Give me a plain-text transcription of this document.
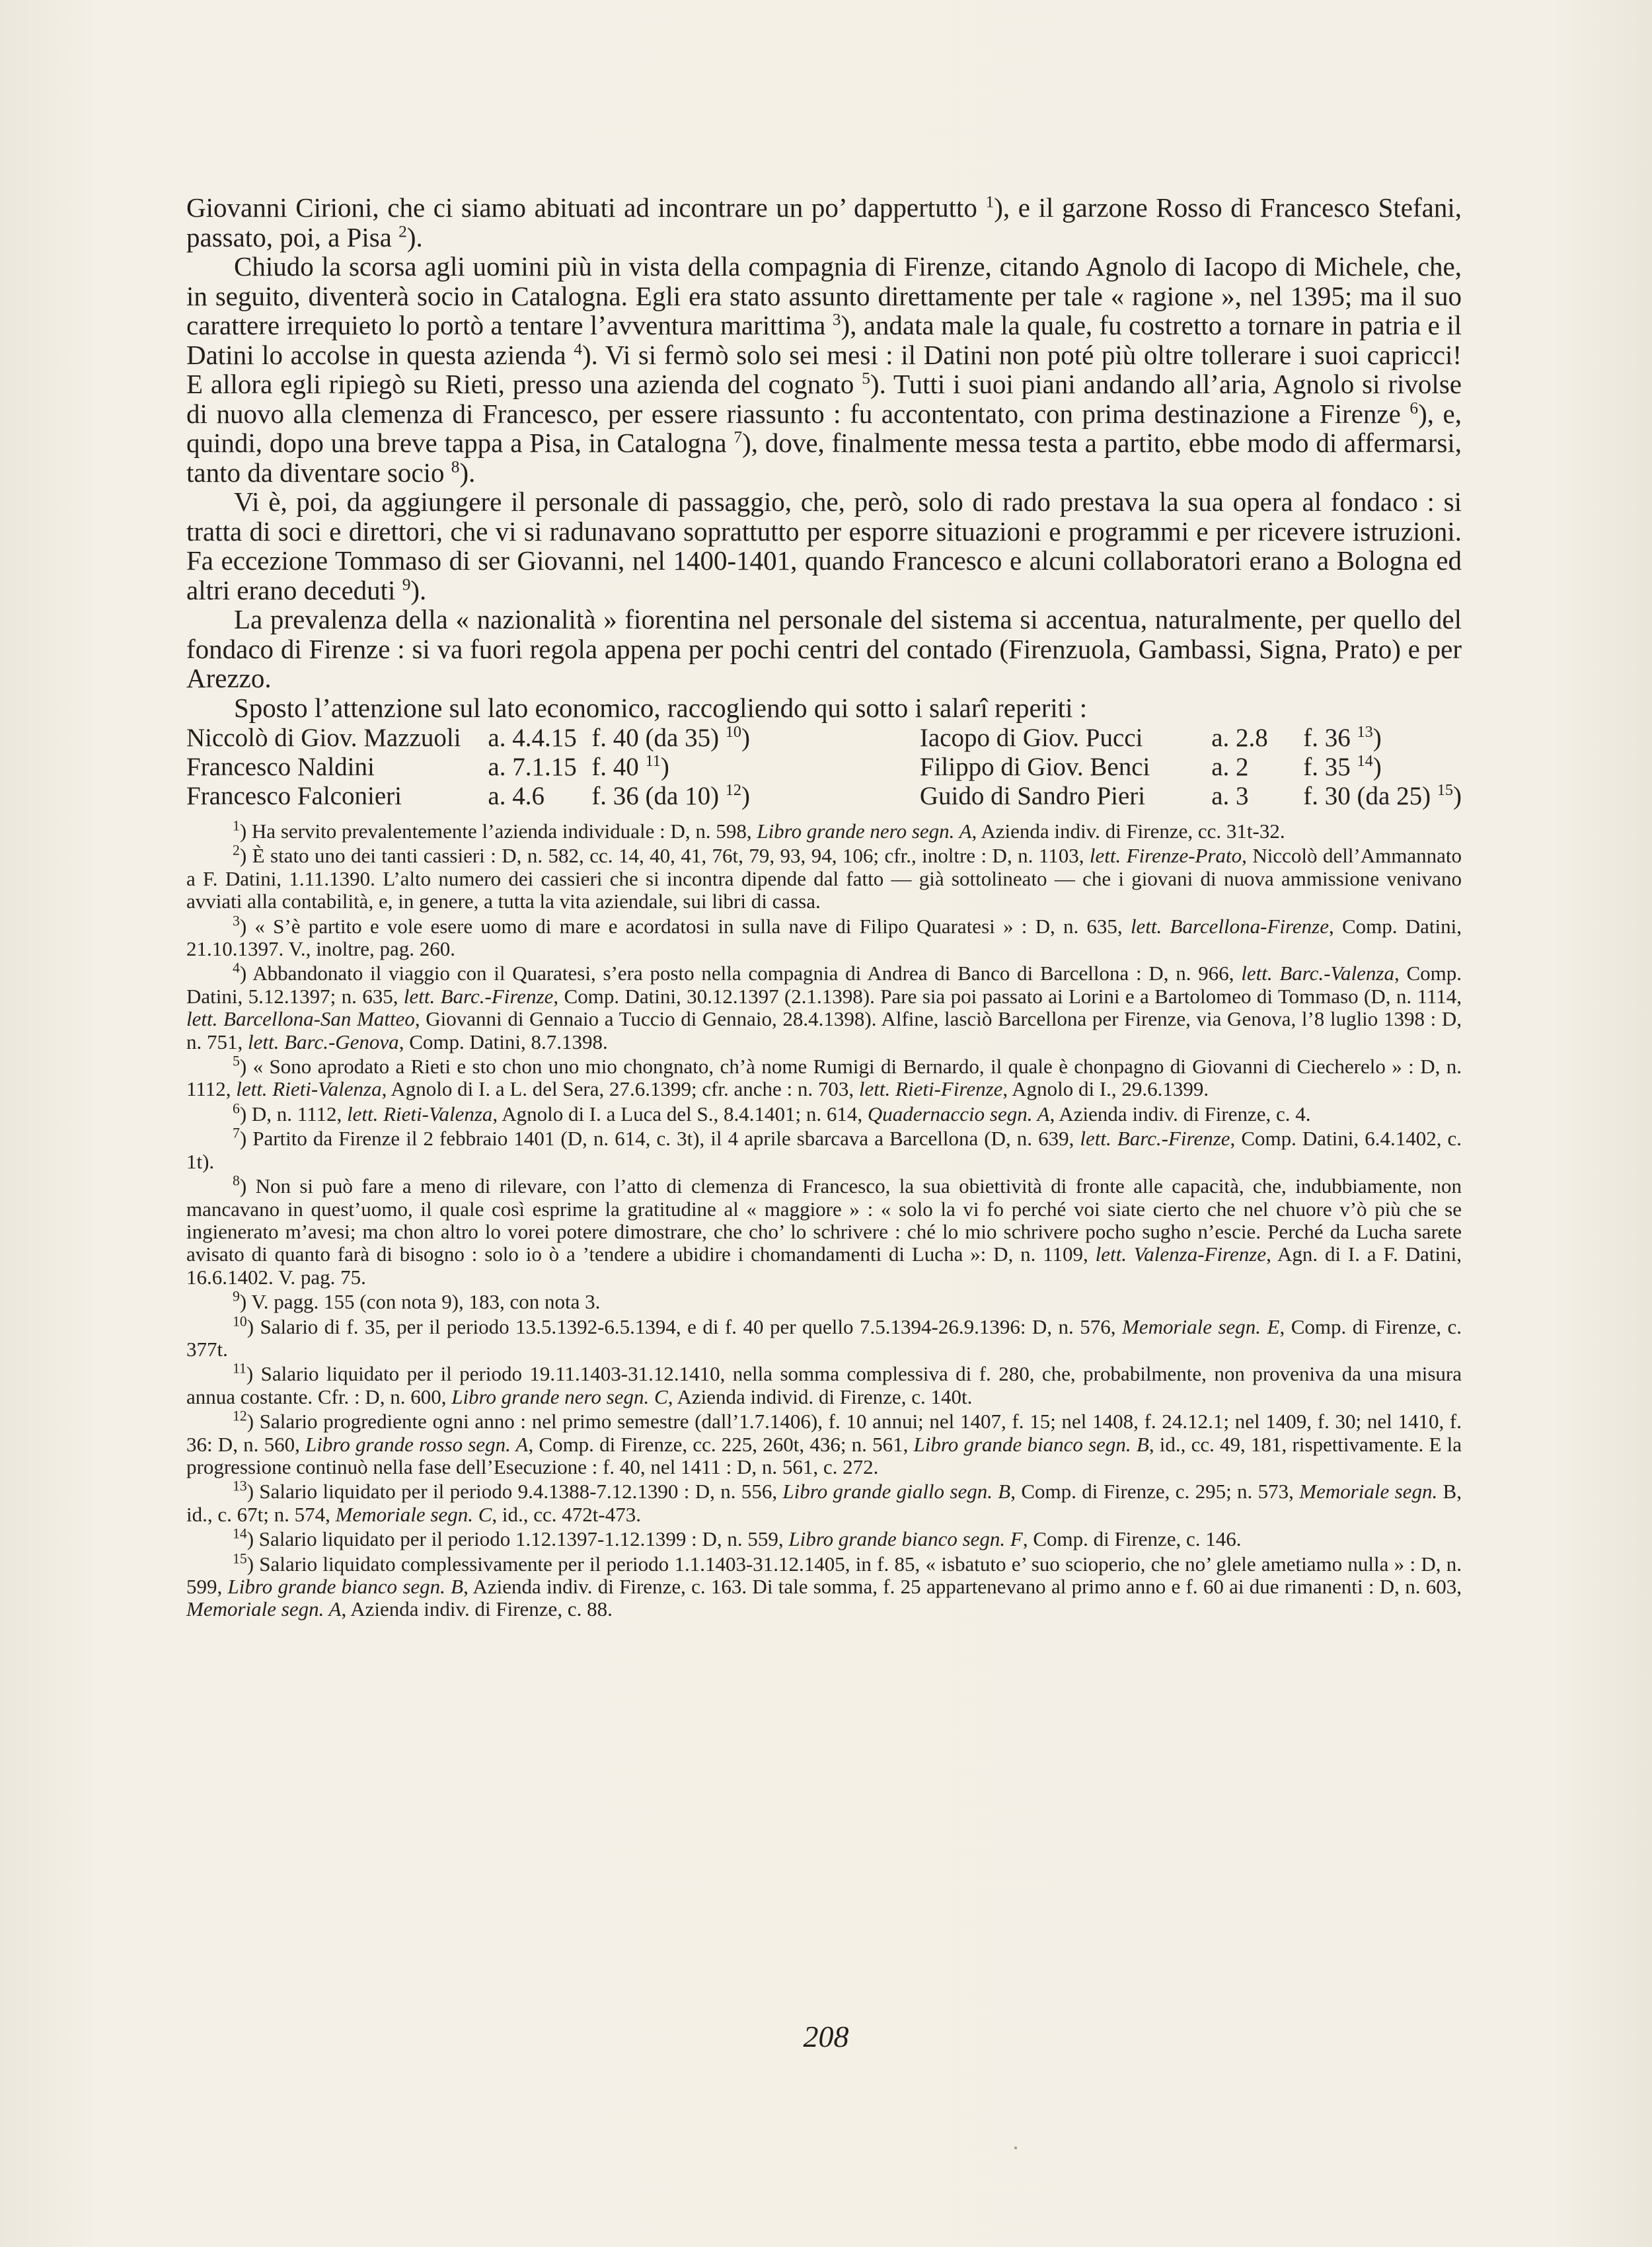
Giovanni Cirioni, che ci siamo abituati ad incontrare un po’ dappertutto $^1$), e il garzone Rosso di Francesco Stefani, passato, poi, a Pisa $^2$).

Chiudo la scorsa agli uomini più in vista della compagnia di Firenze, citando Agnolo di Iacopo di Michele, che, in seguito, diventerà socio in Catalogna. Egli era stato assunto direttamente per tale « ragione », nel 1395; ma il suo carattere irrequieto lo portò a tentare l’avventura marittima $^3$), andata male la quale, fu costretto a tornare in patria e il Datini lo accolse in questa azienda $^4$). Vi si fermò solo sei mesi : il Datini non poté più oltre tollerare i suoi capricci! E allora egli ripiegò su Rieti, presso una azienda del cognato $^5$). Tutti i suoi piani andando all’aria, Agnolo si rivolse di nuovo alla clemenza di Francesco, per essere riassunto : fu accontentato, con prima destinazione a Firenze $^6$), e, quindi, dopo una breve tappa a Pisa, in Catalogna $^7$), dove, finalmente messa testa a partito, ebbe modo di affermarsi, tanto da diventare socio $^8$).

Vi è, poi, da aggiungere il personale di passaggio, che, però, solo di rado prestava la sua opera al fondaco : si tratta di soci e direttori, che vi si radunavano soprattutto per esporre situazioni e programmi e per ricevere istruzioni. Fa eccezione Tommaso di ser Giovanni, nel 1400-1401, quando Francesco e alcuni collaboratori erano a Bologna ed altri erano deceduti $^9$).

La prevalenza della « nazionalità » fiorentina nel personale del sistema si accentua, naturalmente, per quello del fondaco di Firenze : si va fuori regola appena per pochi centri del contado (Firenzuola, Gambassi, Signa, Prato) e per Arezzo.

Sposto l’attenzione sul lato economico, raccogliendo qui sotto i salarî reperiti :

Niccolò di Giov. Mazzuoli	a. 4.4.15	f. 40 (da 35) $^{10}$)	Iacopo di Giov. Pucci	a. 2.8	f. 36 $^{13}$)
Francesco Naldini	a. 7.1.15	f. 40 $^{11}$)	Filippo di Giov. Benci	a. 2	f. 35 $^{14}$)
Francesco Falconieri	a. 4.6	f. 36 (da 10) $^{12}$)	Guido di Sandro Pieri	a. 3	f. 30 (da 25) $^{15}$)

$^1$) Ha servito prevalentemente l’azienda individuale : D, n. 598, Libro grande nero segn. A, Azienda indiv. di Firenze, cc. 31t-32.

$^2$) È stato uno dei tanti cassieri : D, n. 582, cc. 14, 40, 41, 76t, 79, 93, 94, 106; cfr., inoltre : D, n. 1103, lett. Firenze-Prato, Niccolò dell’Ammannato a F. Datini, 1.11.1390. L’alto numero dei cassieri che si incontra dipende dal fatto — già sottolineato — che i giovani di nuova ammissione venivano avviati alla contabilità, e, in genere, a tutta la vita aziendale, sui libri di cassa.

$^3$) « S’è partito e vole esere uomo di mare e acordatosi in sulla nave di Filipo Quaratesi » : D, n. 635, lett. Barcellona-Firenze, Comp. Datini, 21.10.1397. V., inoltre, pag. 260.

$^4$) Abbandonato il viaggio con il Quaratesi, s’era posto nella compagnia di Andrea di Banco di Barcellona : D, n. 966, lett. Barc.-Valenza, Comp. Datini, 5.12.1397; n. 635, lett. Barc.-Firenze, Comp. Datini, 30.12.1397 (2.1.1398). Pare sia poi passato ai Lorini e a Bartolomeo di Tommaso (D, n. 1114, lett. Barcellona-San Matteo, Giovanni di Gennaio a Tuccio di Gennaio, 28.4.1398). Alfine, lasciò Barcellona per Firenze, via Genova, l’8 luglio 1398 : D, n. 751, lett. Barc.-Genova, Comp. Datini, 8.7.1398.

$^5$) « Sono aprodato a Rieti e sto chon uno mio chongnato, ch’à nome Rumigi di Bernardo, il quale è chonpagno di Giovanni di Ciecherelo » : D, n. 1112, lett. Rieti-Valenza, Agnolo di I. a L. del Sera, 27.6.1399; cfr. anche : n. 703, lett. Rieti-Firenze, Agnolo di I., 29.6.1399.

$^6$) D, n. 1112, lett. Rieti-Valenza, Agnolo di I. a Luca del S., 8.4.1401; n. 614, Quadernaccio segn. A, Azienda indiv. di Firenze, c. 4.

$^7$) Partito da Firenze il 2 febbraio 1401 (D, n. 614, c. 3t), il 4 aprile sbarcava a Barcellona (D, n. 639, lett. Barc.-Firenze, Comp. Datini, 6.4.1402, c. 1t).

$^8$) Non si può fare a meno di rilevare, con l’atto di clemenza di Francesco, la sua obiettività di fronte alle capacità, che, indubbiamente, non mancavano in quest’uomo, il quale così esprime la gratitudine al « maggiore » : « solo la vi fo perché voi siate cierto che nel chuore v’ò più che se ingienerato m’avesi; ma chon altro lo vorei potere dimostrare, che cho’ lo schrivere : ché lo mio schrivere pocho sugho n’escie. Perché da Lucha sarete avisato di quanto farà di bisogno : solo io ò a ’tendere a ubidire i chomandamenti di Lucha »: D, n. 1109, lett. Valenza-Firenze, Agn. di I. a F. Datini, 16.6.1402. V. pag. 75.

$^9$) V. pagg. 155 (con nota 9), 183, con nota 3.

$^{10}$) Salario di f. 35, per il periodo 13.5.1392-6.5.1394, e di f. 40 per quello 7.5.1394-26.9.1396: D, n. 576, Memoriale segn. E, Comp. di Firenze, c. 377t.

$^{11}$) Salario liquidato per il periodo 19.11.1403-31.12.1410, nella somma complessiva di f. 280, che, probabilmente, non proveniva da una misura annua costante. Cfr. : D, n. 600, Libro grande nero segn. C, Azienda individ. di Firenze, c. 140t.

$^{12}$) Salario progrediente ogni anno : nel primo semestre (dall’1.7.1406), f. 10 annui; nel 1407, f. 15; nel 1408, f. 24.12.1; nel 1409, f. 30; nel 1410, f. 36: D, n. 560, Libro grande rosso segn. A, Comp. di Firenze, cc. 225, 260t, 436; n. 561, Libro grande bianco segn. B, id., cc. 49, 181, rispettivamente. E la progressione continuò nella fase dell’Esecuzione : f. 40, nel 1411 : D, n. 561, c. 272.

$^{13}$) Salario liquidato per il periodo 9.4.1388-7.12.1390 : D, n. 556, Libro grande giallo segn. B, Comp. di Firenze, c. 295; n. 573, Memoriale segn. B, id., c. 67t; n. 574, Memoriale segn. C, id., cc. 472t-473.

$^{14}$) Salario liquidato per il periodo 1.12.1397-1.12.1399 : D, n. 559, Libro grande bianco segn. F, Comp. di Firenze, c. 146.

$^{15}$) Salario liquidato complessivamente per il periodo 1.1.1403-31.12.1405, in f. 85, « isbatuto e’ suo scioperio, che no’ glele ametiamo nulla » : D, n. 599, Libro grande bianco segn. B, Azienda indiv. di Firenze, c. 163. Di tale somma, f. 25 appartenevano al primo anno e f. 60 ai due rimanenti : D, n. 603, Memoriale segn. A, Azienda indiv. di Firenze, c. 88.

208
